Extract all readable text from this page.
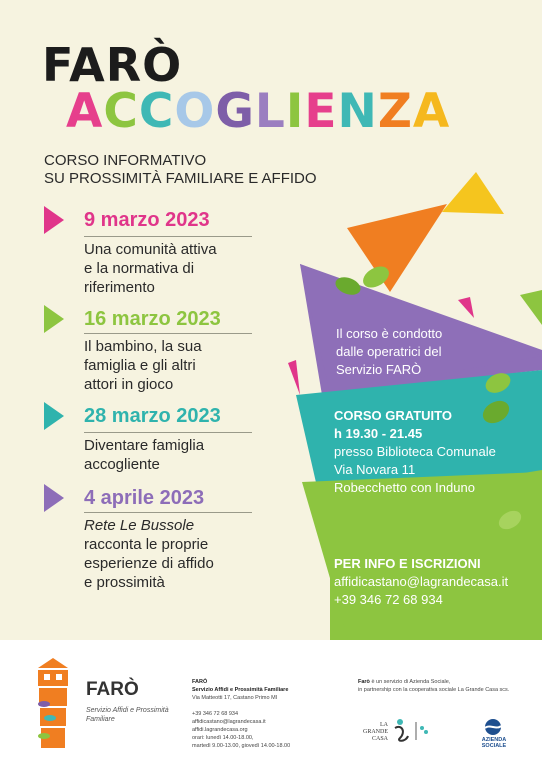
FARÒ
ACCOGLIENZA
CORSO INFORMATIVO
SU PROSSIMITÀ FAMILIARE E AFFIDO
9 marzo 2023
Una comunità attiva
e la normativa di
riferimento
16 marzo 2023
Il bambino, la sua
famiglia e gli altri
attori in gioco
28 marzo 2023
Diventare famiglia
accogliente
4 aprile 2023
Rete Le Bussole
racconta le proprie
esperienze di affido
e prossimità
Il corso è condotto
dalle operatrici del
Servizio FARÒ
CORSO GRATUITO
h 19.30 - 21.45
presso Biblioteca Comunale
Via Novara 11
Robecchetto con Induno
PER INFO E ISCRIZIONI
affidicastano@lagrandecasa.it
+39 346 72 68 934
FARÒ
Servizio Affidi e Prossimità
Familiare
FARÒ
Servizio Affidi e Prossimità Familiare
Via Matteotti 17, Castano Primo MI
+39 346 72 68 934
affidicastano@lagrandecasa.it
affidi.lagrandecasa.org
orari: lunedì 14.00-18.00,
martedì 9.00-13.00, giovedì 14.00-18.00
Farò è un servizio di Azienda Sociale,
in partnership con la cooperativa sociale La Grande Casa scs.
LA GRANDE CASA	AZIENDA
SOCIALE
